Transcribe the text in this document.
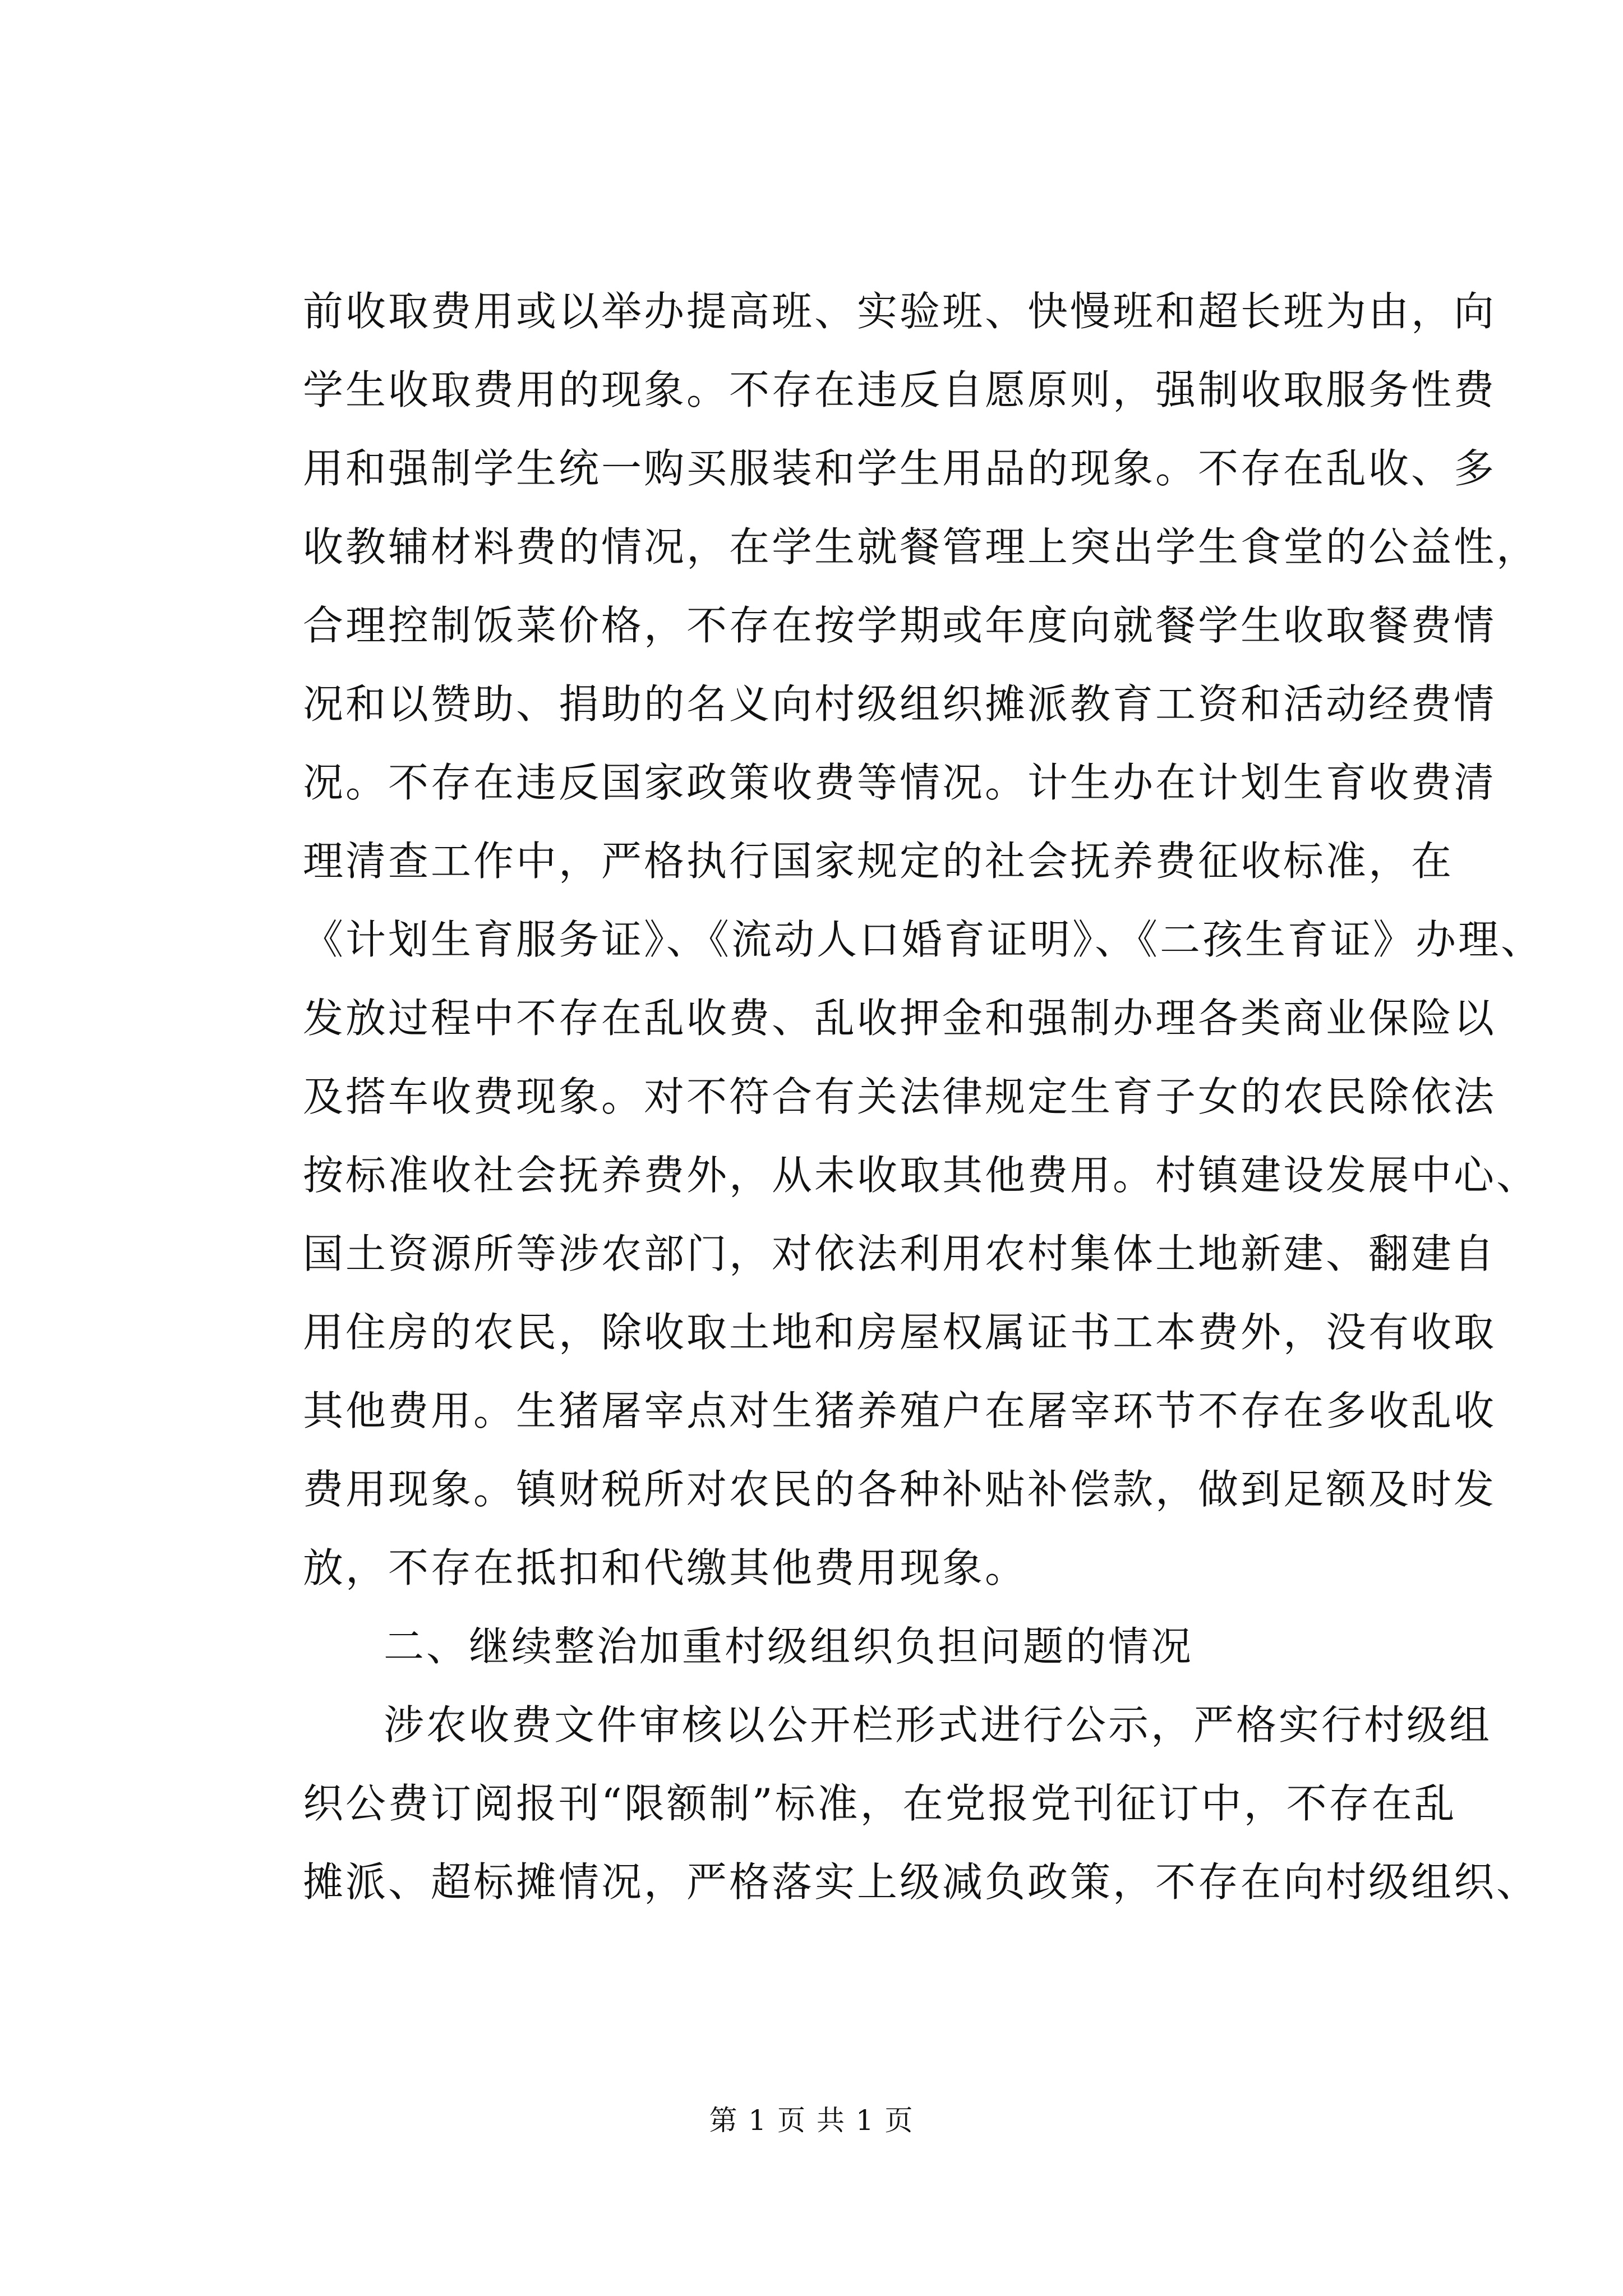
前收取费用或以举办提高班、实验班、快慢班和超长班为由，向
学生收取费用的现象。不存在违反自愿原则，强制收取服务性费
用和强制学生统一购买服装和学生用品的现象。不存在乱收、多
收教辅材料费的情况，在学生就餐管理上突出学生食堂的公益性，
合理控制饭菜价格，不存在按学期或年度向就餐学生收取餐费情
况和以赞助、捐助的名义向村级组织摊派教育工资和活动经费情
况。不存在违反国家政策收费等情况。计生办在计划生育收费清
理清查工作中，严格执行国家规定的社会抚养费征收标准，在
《计划生育服务证》、《流动人口婚育证明》、《二孩生育证》办理、
发放过程中不存在乱收费、乱收押金和强制办理各类商业保险以
及搭车收费现象。对不符合有关法律规定生育子女的农民除依法
按标准收社会抚养费外，从未收取其他费用。村镇建设发展中心、
国土资源所等涉农部门，对依法利用农村集体土地新建、翻建自
用住房的农民，除收取土地和房屋权属证书工本费外，没有收取
其他费用。生猪屠宰点对生猪养殖户在屠宰环节不存在多收乱收
费用现象。镇财税所对农民的各种补贴补偿款，做到足额及时发
放，不存在抵扣和代缴其他费用现象。
二、继续整治加重村级组织负担问题的情况
涉农收费文件审核以公开栏形式进行公示，严格实行村级组
织公费订阅报刊“限额制”标准，在党报党刊征订中，不存在乱
摊派、超标摊情况，严格落实上级减负政策，不存在向村级组织、
第 1 页 共 1 页
